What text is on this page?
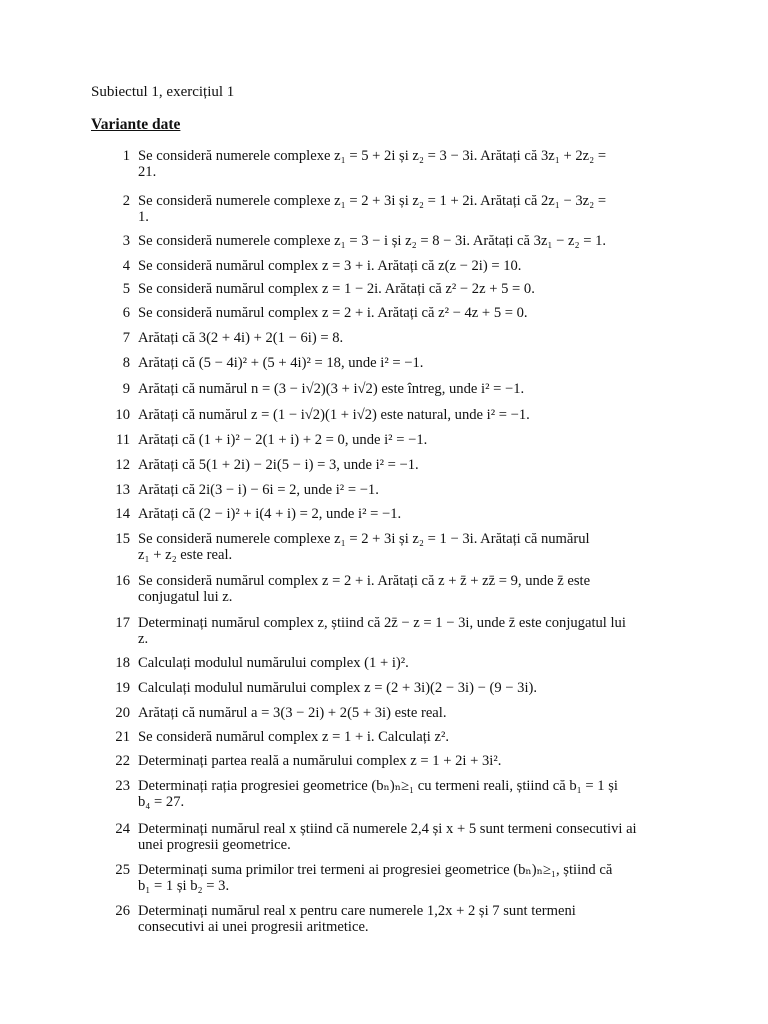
Subiectul 1, exercițiul 1
Variante date
1 Se consideră numerele complexe z₁ = 5 + 2i și z₂ = 3 − 3i. Arătați că 3z₁ + 2z₂ =
21.
2 Se consideră numerele complexe z₁ = 2 + 3i și z₂ = 1 + 2i. Arătați că 2z₁ − 3z₂ =
1.
3 Se consideră numerele complexe z₁ = 3 − i și z₂ = 8 − 3i. Arătați că 3z₁ − z₂ = 1.
4 Se consideră numărul complex z = 3 + i. Arătați că z(z − 2i) = 10.
5 Se consideră numărul complex z = 1 − 2i. Arătați că z² − 2z + 5 = 0.
6 Se consideră numărul complex z = 2 + i. Arătați că z² − 4z + 5 = 0.
7 Arătați că 3(2 + 4i) + 2(1 − 6i) = 8.
8 Arătați că (5 − 4i)² + (5 + 4i)² = 18, unde i² = −1.
9 Arătați că numărul n = (3 − i√2)(3 + i√2) este întreg, unde i² = −1.
10 Arătați că numărul z = (1 − i√2)(1 + i√2) este natural, unde i² = −1.
11 Arătați că (1 + i)² − 2(1 + i) + 2 = 0, unde i² = −1.
12 Arătați că 5(1 + 2i) − 2i(5 − i) = 3, unde i² = −1.
13 Arătați că 2i(3 − i) − 6i = 2, unde i² = −1.
14 Arătați că (2 − i)² + i(4 + i) = 2, unde i² = −1.
15 Se consideră numerele complexe z₁ = 2 + 3i și z₂ = 1 − 3i. Arătați că numărul
z₁ + z₂ este real.
16 Se consideră numărul complex z = 2 + i. Arătați că z + z̄ + zz̄ = 9, unde z̄ este
conjugatul lui z.
17 Determinați numărul complex z, știind că 2z̄ − z = 1 − 3i, unde z̄ este conjugatul lui
z.
18 Calculați modulul numărului complex (1 + i)².
19 Calculați modulul numărului complex z = (2 + 3i)(2 − 3i) − (9 − 3i).
20 Arătați că numărul a = 3(3 − 2i) + 2(5 + 3i) este real.
21 Se consideră numărul complex z = 1 + i. Calculați z².
22 Determinați partea reală a numărului complex z = 1 + 2i + 3i².
23 Determinați rația progresiei geometrice (bₙ)ₙ≥₁ cu termeni reali, știind că b₁ = 1 și
b₄ = 27.
24 Determinați numărul real x știind că numerele 2,4 și x + 5 sunt termeni consecutivi ai
unei progresii geometrice.
25 Determinați suma primilor trei termeni ai progresiei geometrice (bₙ)ₙ≥₁, știind că
b₁ = 1 și b₂ = 3.
26 Determinați numărul real x pentru care numerele 1,2x + 2 și 7 sunt termeni
consecutivi ai unei progresii aritmetice.
